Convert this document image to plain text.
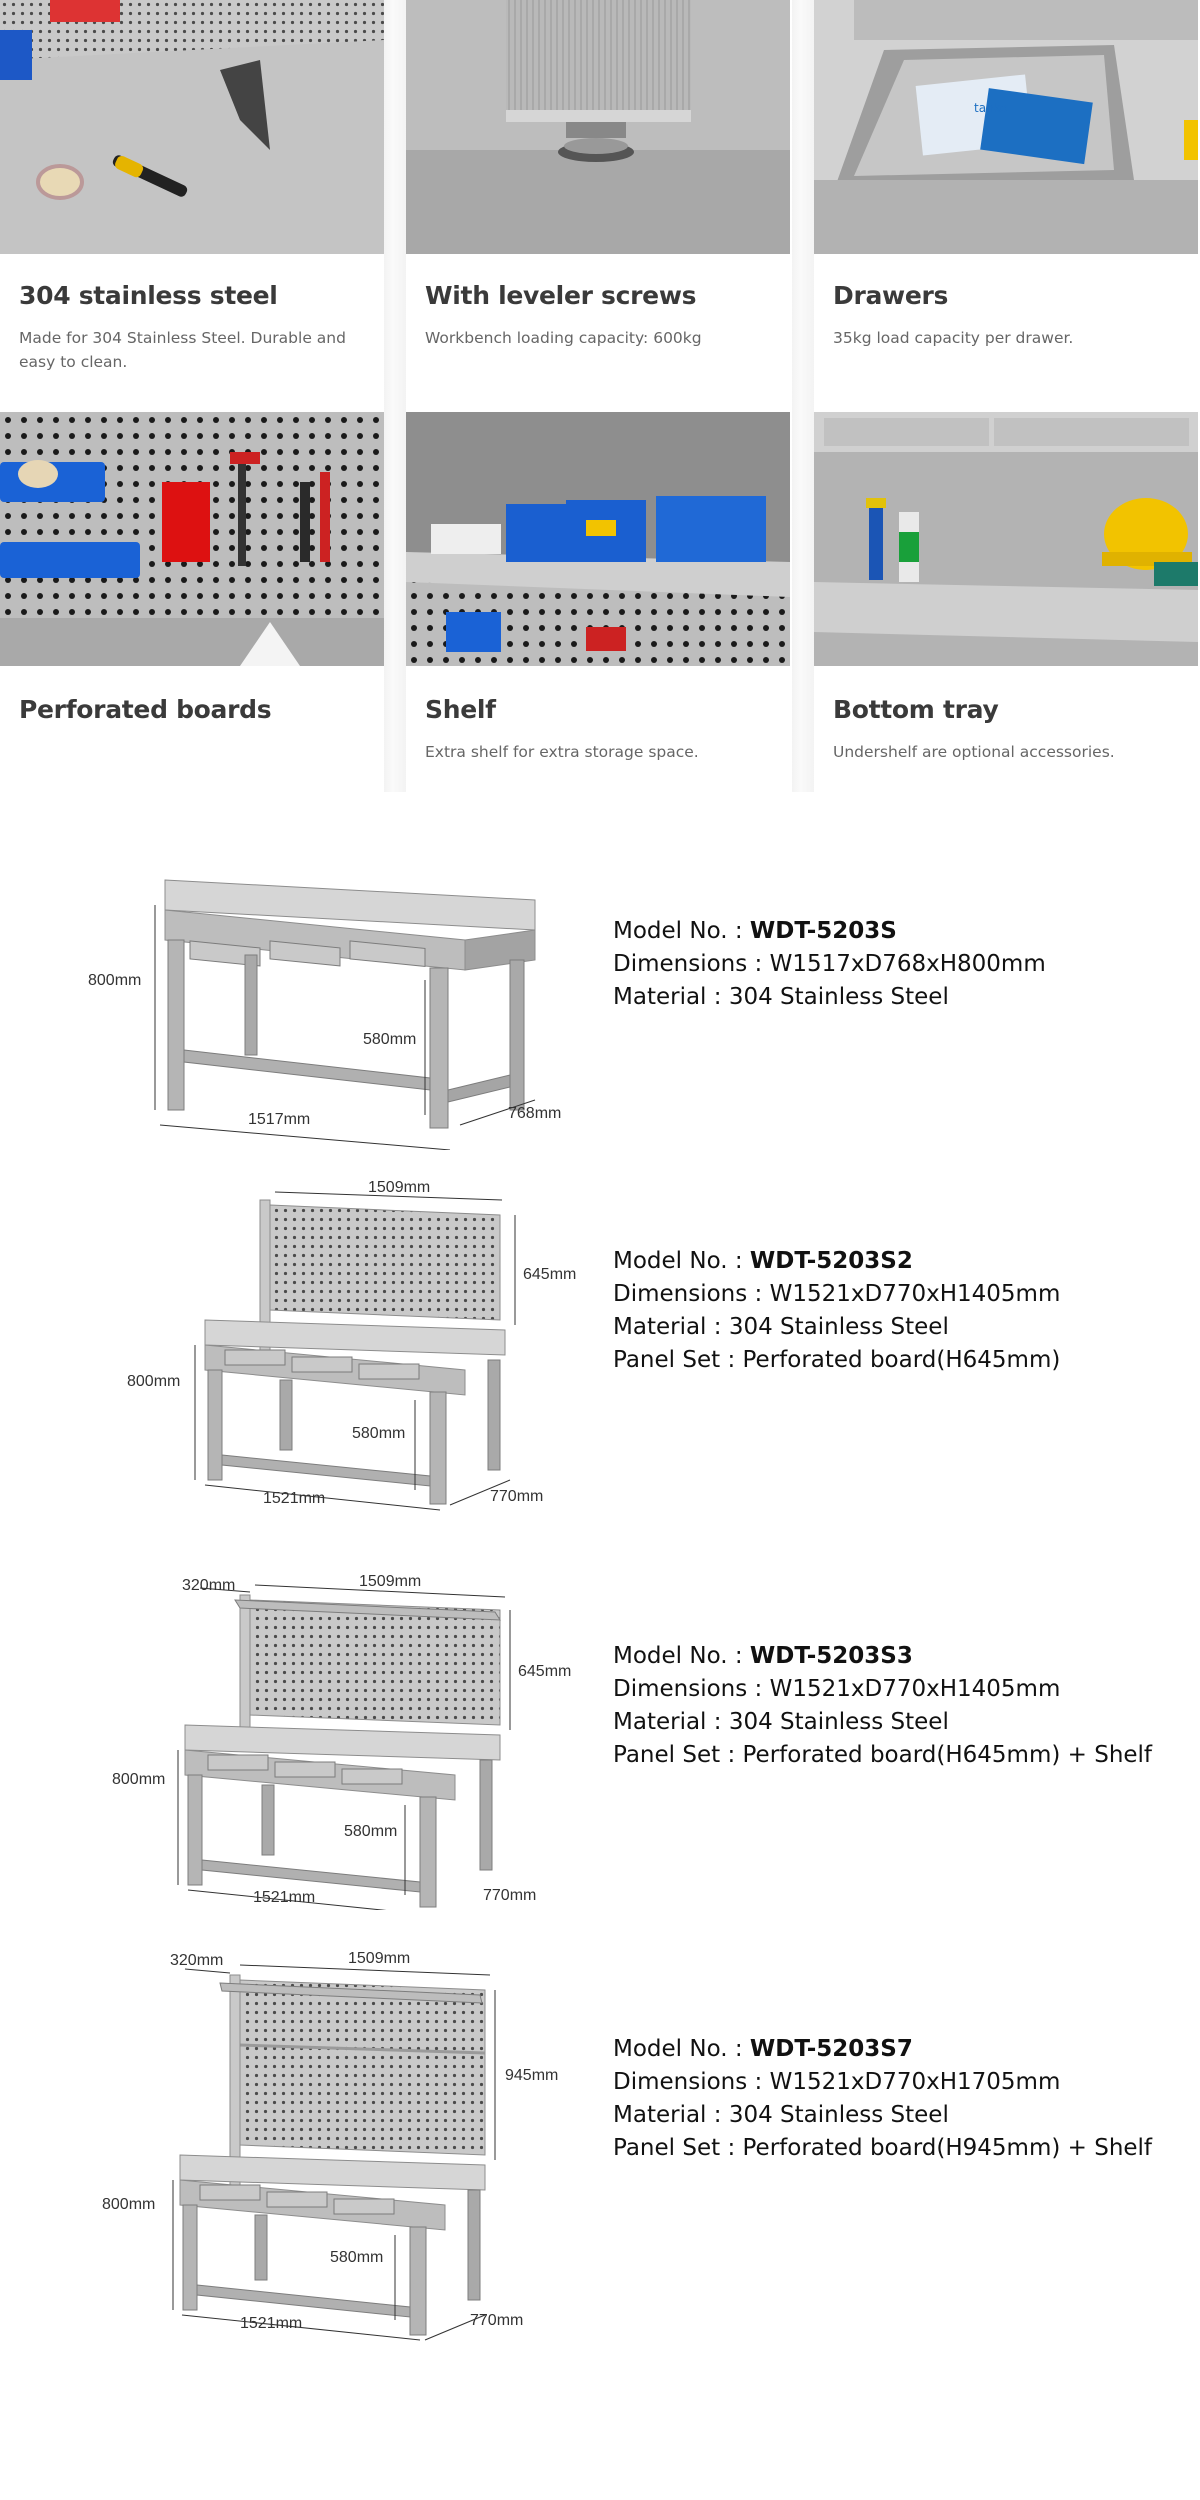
304 stainless steel
Made for 304 Stainless Steel. Durable and easy to clean.
With leveler screws
Workbench loading capacity: 600kg
tanko
Drawers
35kg load capacity per drawer.
Perforated boards	Shelf
Extra shelf for extra storage space.
Bottom tray
Undershelf are optional accessories.
800mm
580mm
1517mm	768mm
Model No. : WDT-5203S
Dimensions : W1517xD768xH800mm
Material : 304 Stainless Steel
1509mm
645mm
800mm
580mm
1521mm	770mm
Model No. : WDT-5203S2
Dimensions : W1521xD770xH1405mm
Material : 304 Stainless Steel
Panel Set : Perforated board(H645mm)
320mm	1509mm
645mm
800mm
580mm
1521mm	770mm
Model No. : WDT-5203S3
Dimensions : W1521xD770xH1405mm
Material : 304 Stainless Steel
Panel Set : Perforated board(H645mm) + Shelf
320mm	1509mm
945mm
800mm
580mm
1521mm	770mm
Model No. : WDT-5203S7
Dimensions : W1521xD770xH1705mm
Material : 304 Stainless Steel
Panel Set : Perforated board(H945mm) + Shelf
